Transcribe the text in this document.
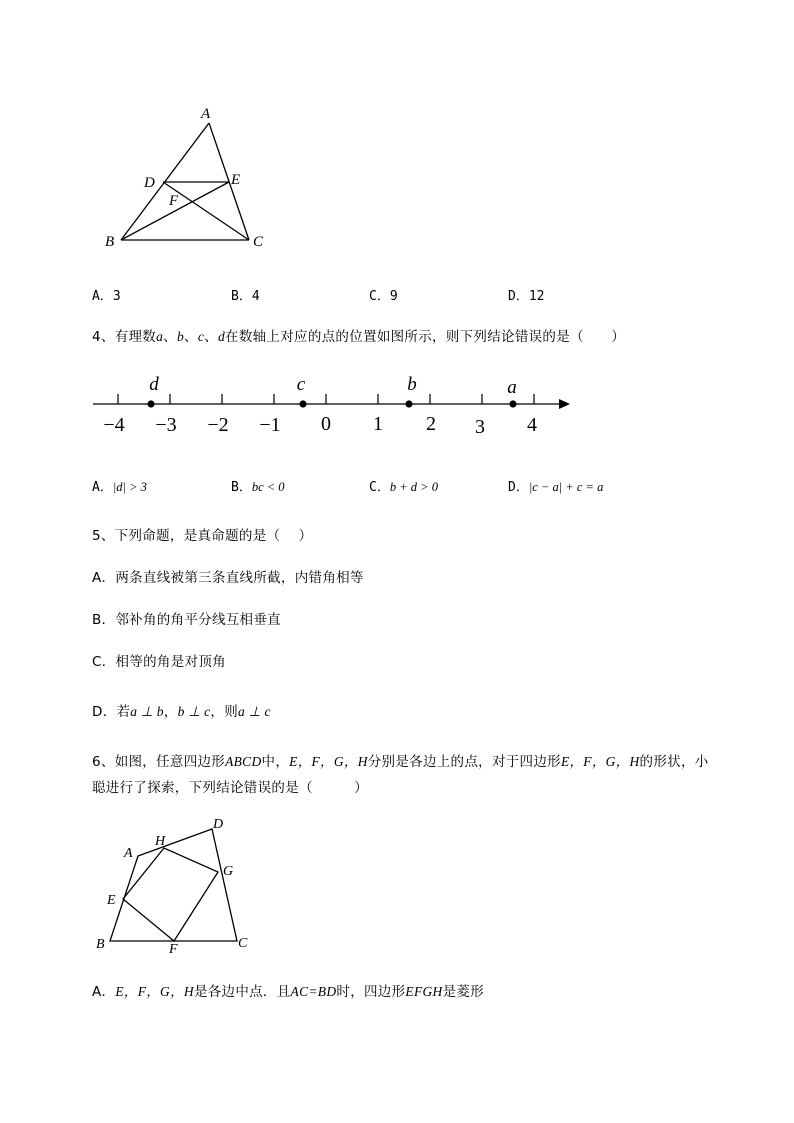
A
D	E
F
B	C
A．3	B．4	C．9	D．12
4、有理数a、b、c、d在数轴上对应的点的位置如图所示，则下列结论错误的是（　　）
−4 −3 −2 −1 0 1 2 3 4
d	c	b	a
A．|d| > 3	B．bc < 0	C．b + d > 0	D．|c − a| + c = a
5、下列命题，是真命题的是（　 ）
A．两条直线被第三条直线所截，内错角相等
B．邻补角的角平分线互相垂直
C．相等的角是对顶角
D．若a ⊥ b，b ⊥ c，则a ⊥ c
6、如图，任意四边形ABCD中，E，F，G，H分别是各边上的点，对于四边形E，F，G，H的形状，小
聪进行了探索，下列结论错误的是（　　　）
A
H
D
G
E
B	F	C
A．E，F，G，H是各边中点．且AC=BD时，四边形EFGH是菱形
